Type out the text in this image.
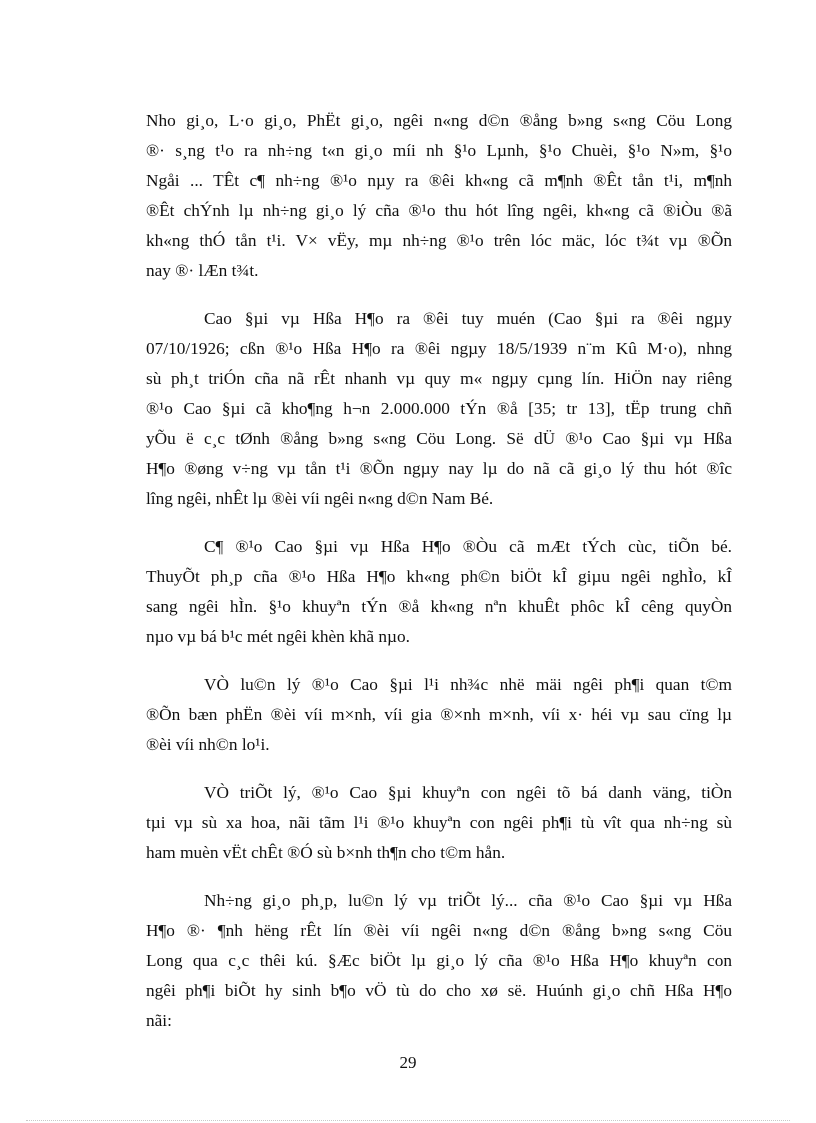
Nho gi¸o, L·o gi¸o, PhËt gi¸o, ngêi n«ng d©n ®ång b»ng s«ng Cöu Long
®· s¸ng t¹o ra nh÷ng t«n gi¸o míi nh §¹o Lµnh, §¹o Chuèi, §¹o N»m, §¹o
Ngåi ... TÊt c¶ nh÷ng ®¹o nµy ra ®êi kh«ng cã m¶nh ®Êt tån t¹i, m¶nh
®Êt chÝnh lµ nh÷ng gi¸o lý cña ®¹o thu hót lîng ngêi, kh«ng cã ®iÒu ®ã
kh«ng thÓ tån t¹i. V× vËy, mµ nh÷ng ®¹o trên lóc mäc, lóc t¾t vµ ®Õn
nay ®· lÆn t¾t.
Cao §µi vµ Hßa H¶o ra ®êi tuy muén (Cao §µi ra ®êi ngµy
07/10/1926; cßn ®¹o Hßa H¶o ra ®êi ngµy 18/5/1939 n¨m Kû M·o), nhng
sù ph¸t triÓn cña nã rÊt nhanh vµ quy m« ngµy cµng lín. HiÖn nay riêng
®¹o Cao §µi cã kho¶ng h¬n 2.000.000 tÝn ®å [35; tr 13], tËp trung chñ
yÕu ë c¸c tØnh ®ång b»ng s«ng Cöu Long. Së dÜ ®¹o Cao §µi vµ Hßa
H¶o ®øng v÷ng vµ tån t¹i ®Õn ngµy nay lµ do nã cã gi¸o lý thu hót ®îc
lîng ngêi, nhÊt lµ ®èi víi ngêi n«ng d©n Nam Bé.
C¶ ®¹o Cao §µi vµ Hßa H¶o ®Òu cã mÆt tÝch cùc, tiÕn bé.
ThuyÕt ph¸p cña ®¹o Hßa H¶o kh«ng ph©n biÖt kÎ giµu ngêi nghÌo, kÎ
sang ngêi hÌn. §¹o khuyªn tÝn ®å kh«ng nªn khuÊt phôc kÎ cêng quyÒn
nµo vµ bá b¹c mét ngêi khèn khã nµo.
VÒ lu©n lý ®¹o Cao §µi l¹i nh¾c nhë mäi ngêi ph¶i quan t©m
®Õn bæn phËn ®èi víi m×nh, víi gia ®×nh m×nh, víi x· héi vµ sau cïng lµ
®èi víi nh©n lo¹i.
VÒ triÕt lý, ®¹o Cao §µi khuyªn con ngêi tõ bá danh väng, tiÒn
tµi vµ sù xa hoa, nãi tãm l¹i ®¹o khuyªn con ngêi ph¶i tù vît qua nh÷ng sù
ham muèn vËt chÊt ®Ó sù b×nh th¶n cho t©m hån.
Nh÷ng gi¸o ph¸p, lu©n lý vµ triÕt lý... cña ®¹o Cao §µi vµ Hßa
H¶o ®· ¶nh hëng rÊt lín ®èi víi ngêi n«ng d©n ®ång b»ng s«ng Cöu
Long qua c¸c thêi kú. §Æc biÖt lµ gi¸o lý cña ®¹o Hßa H¶o khuyªn con
ngêi ph¶i biÕt hy sinh b¶o vÖ tù do cho xø së. Huúnh gi¸o chñ Hßa H¶o
nãi:
29
